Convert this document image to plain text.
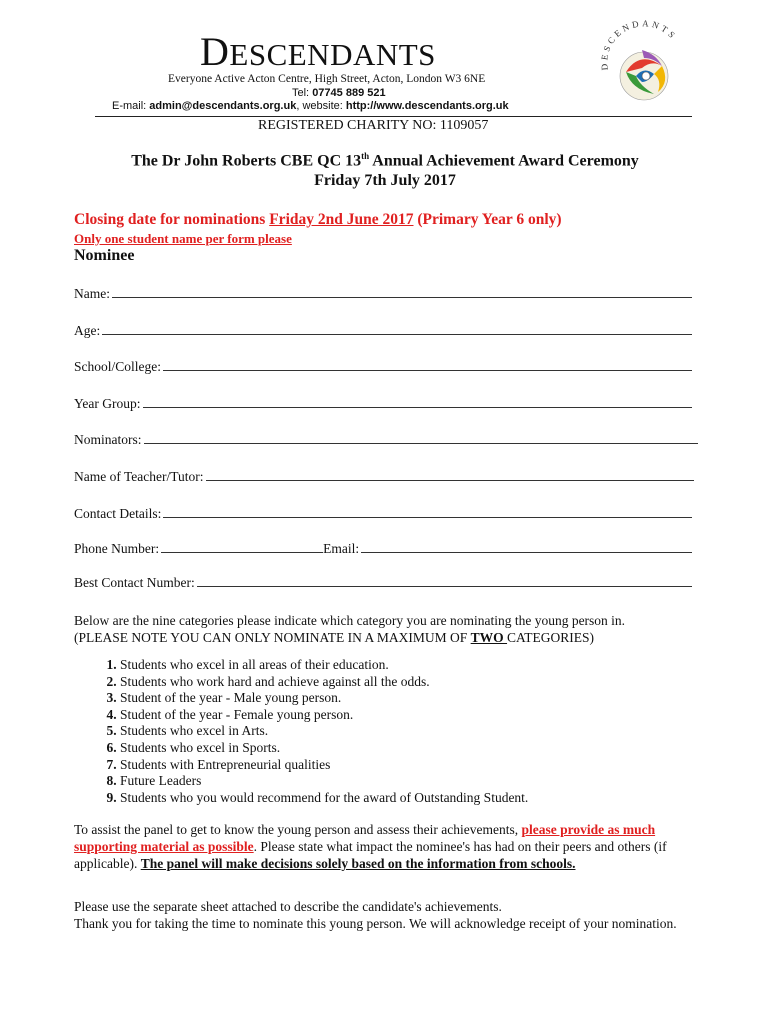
DESCENDANTS
Everyone Active Acton Centre, High Street, Acton, London W3 6NE
Tel: 07745 889 521
E-mail: admin@descendants.org.uk, website: http://www.descendants.org.uk
REGISTERED CHARITY NO: 1109057
DESCENDANTS
The Dr John Roberts CBE QC 13th Annual Achievement Award Ceremony
Friday 7th July 2017
Closing date for nominations Friday 2nd June 2017 (Primary Year 6 only)
Only one student name per form please
Nominee
Name:
Age:
School/College:
Year Group:
Nominators:
Name of Teacher/Tutor:
Contact Details:
Phone Number:	Email:
Best Contact Number:
Below are the nine categories please indicate which category you are nominating the young person in.
(PLEASE NOTE YOU CAN ONLY NOMINATE IN A MAXIMUM OF TWO CATEGORIES)
1. Students who excel in all areas of their education.
2. Students who work hard and achieve against all the odds.
3. Student of the year - Male young person.
4. Student of the year - Female young person.
5. Students who excel in Arts.
6. Students who excel in Sports.
7. Students with Entrepreneurial qualities
8. Future Leaders
9. Students who you would recommend for the award of Outstanding Student.
To assist the panel to get to know the young person and assess their achievements, please provide as much supporting material as possible. Please state what impact the nominee's has had on their peers and others (if applicable). The panel will make decisions solely based on the information from schools.
Please use the separate sheet attached to describe the candidate's achievements.
Thank you for taking the time to nominate this young person. We will acknowledge receipt of your nomination.
